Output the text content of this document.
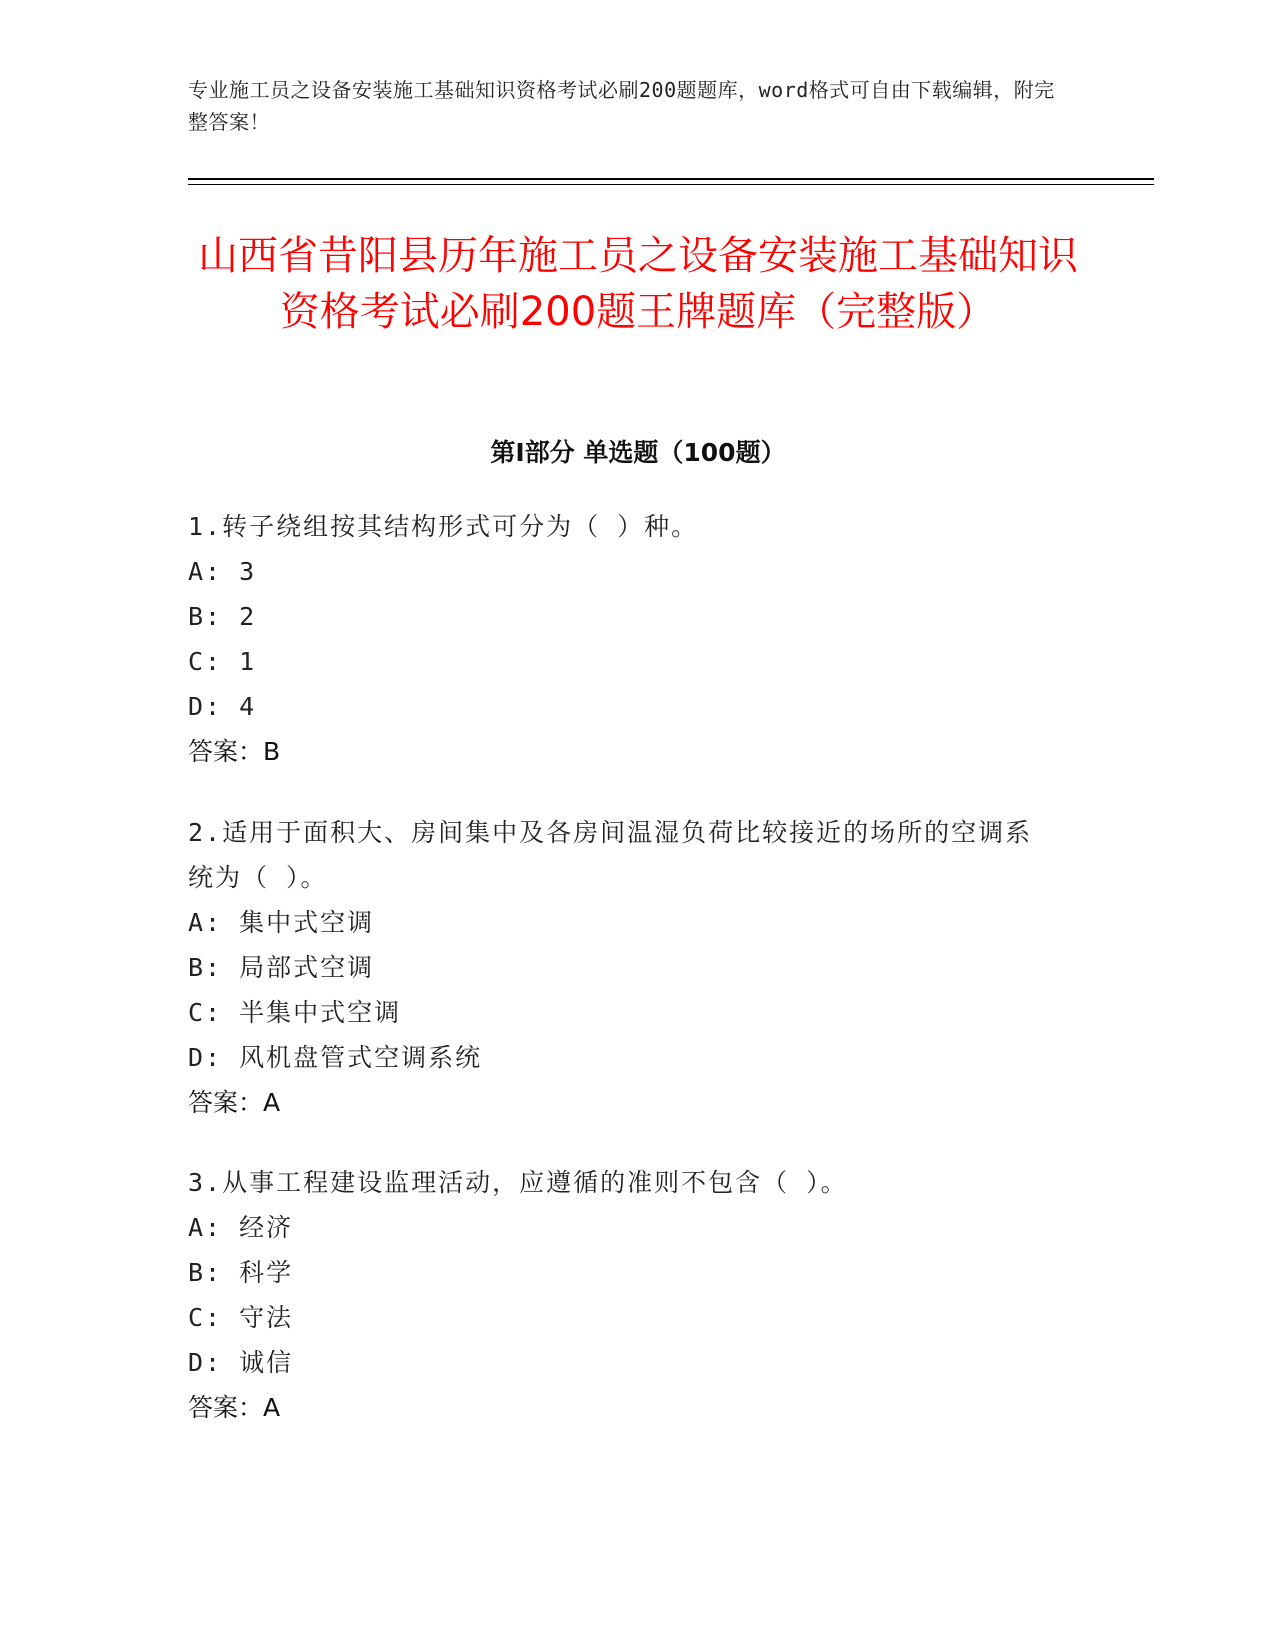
专业施工员之设备安装施工基础知识资格考试必刷200题题库，word格式可自由下载编辑，附完整答案！
山西省昔阳县历年施工员之设备安装施工基础知识资格考试必刷200题王牌题库（完整版）
第Ⅰ部分 单选题（100题）
1.转子绕组按其结构形式可分为（ ）种。
A: 3
B: 2
C: 1
D: 4
答案：B
2.适用于面积大、房间集中及各房间温湿负荷比较接近的场所的空调系统为（ ）。
A: 集中式空调
B: 局部式空调
C: 半集中式空调
D: 风机盘管式空调系统
答案：A
3.从事工程建设监理活动，应遵循的准则不包含（ ）。
A: 经济
B: 科学
C: 守法
D: 诚信
答案：A
